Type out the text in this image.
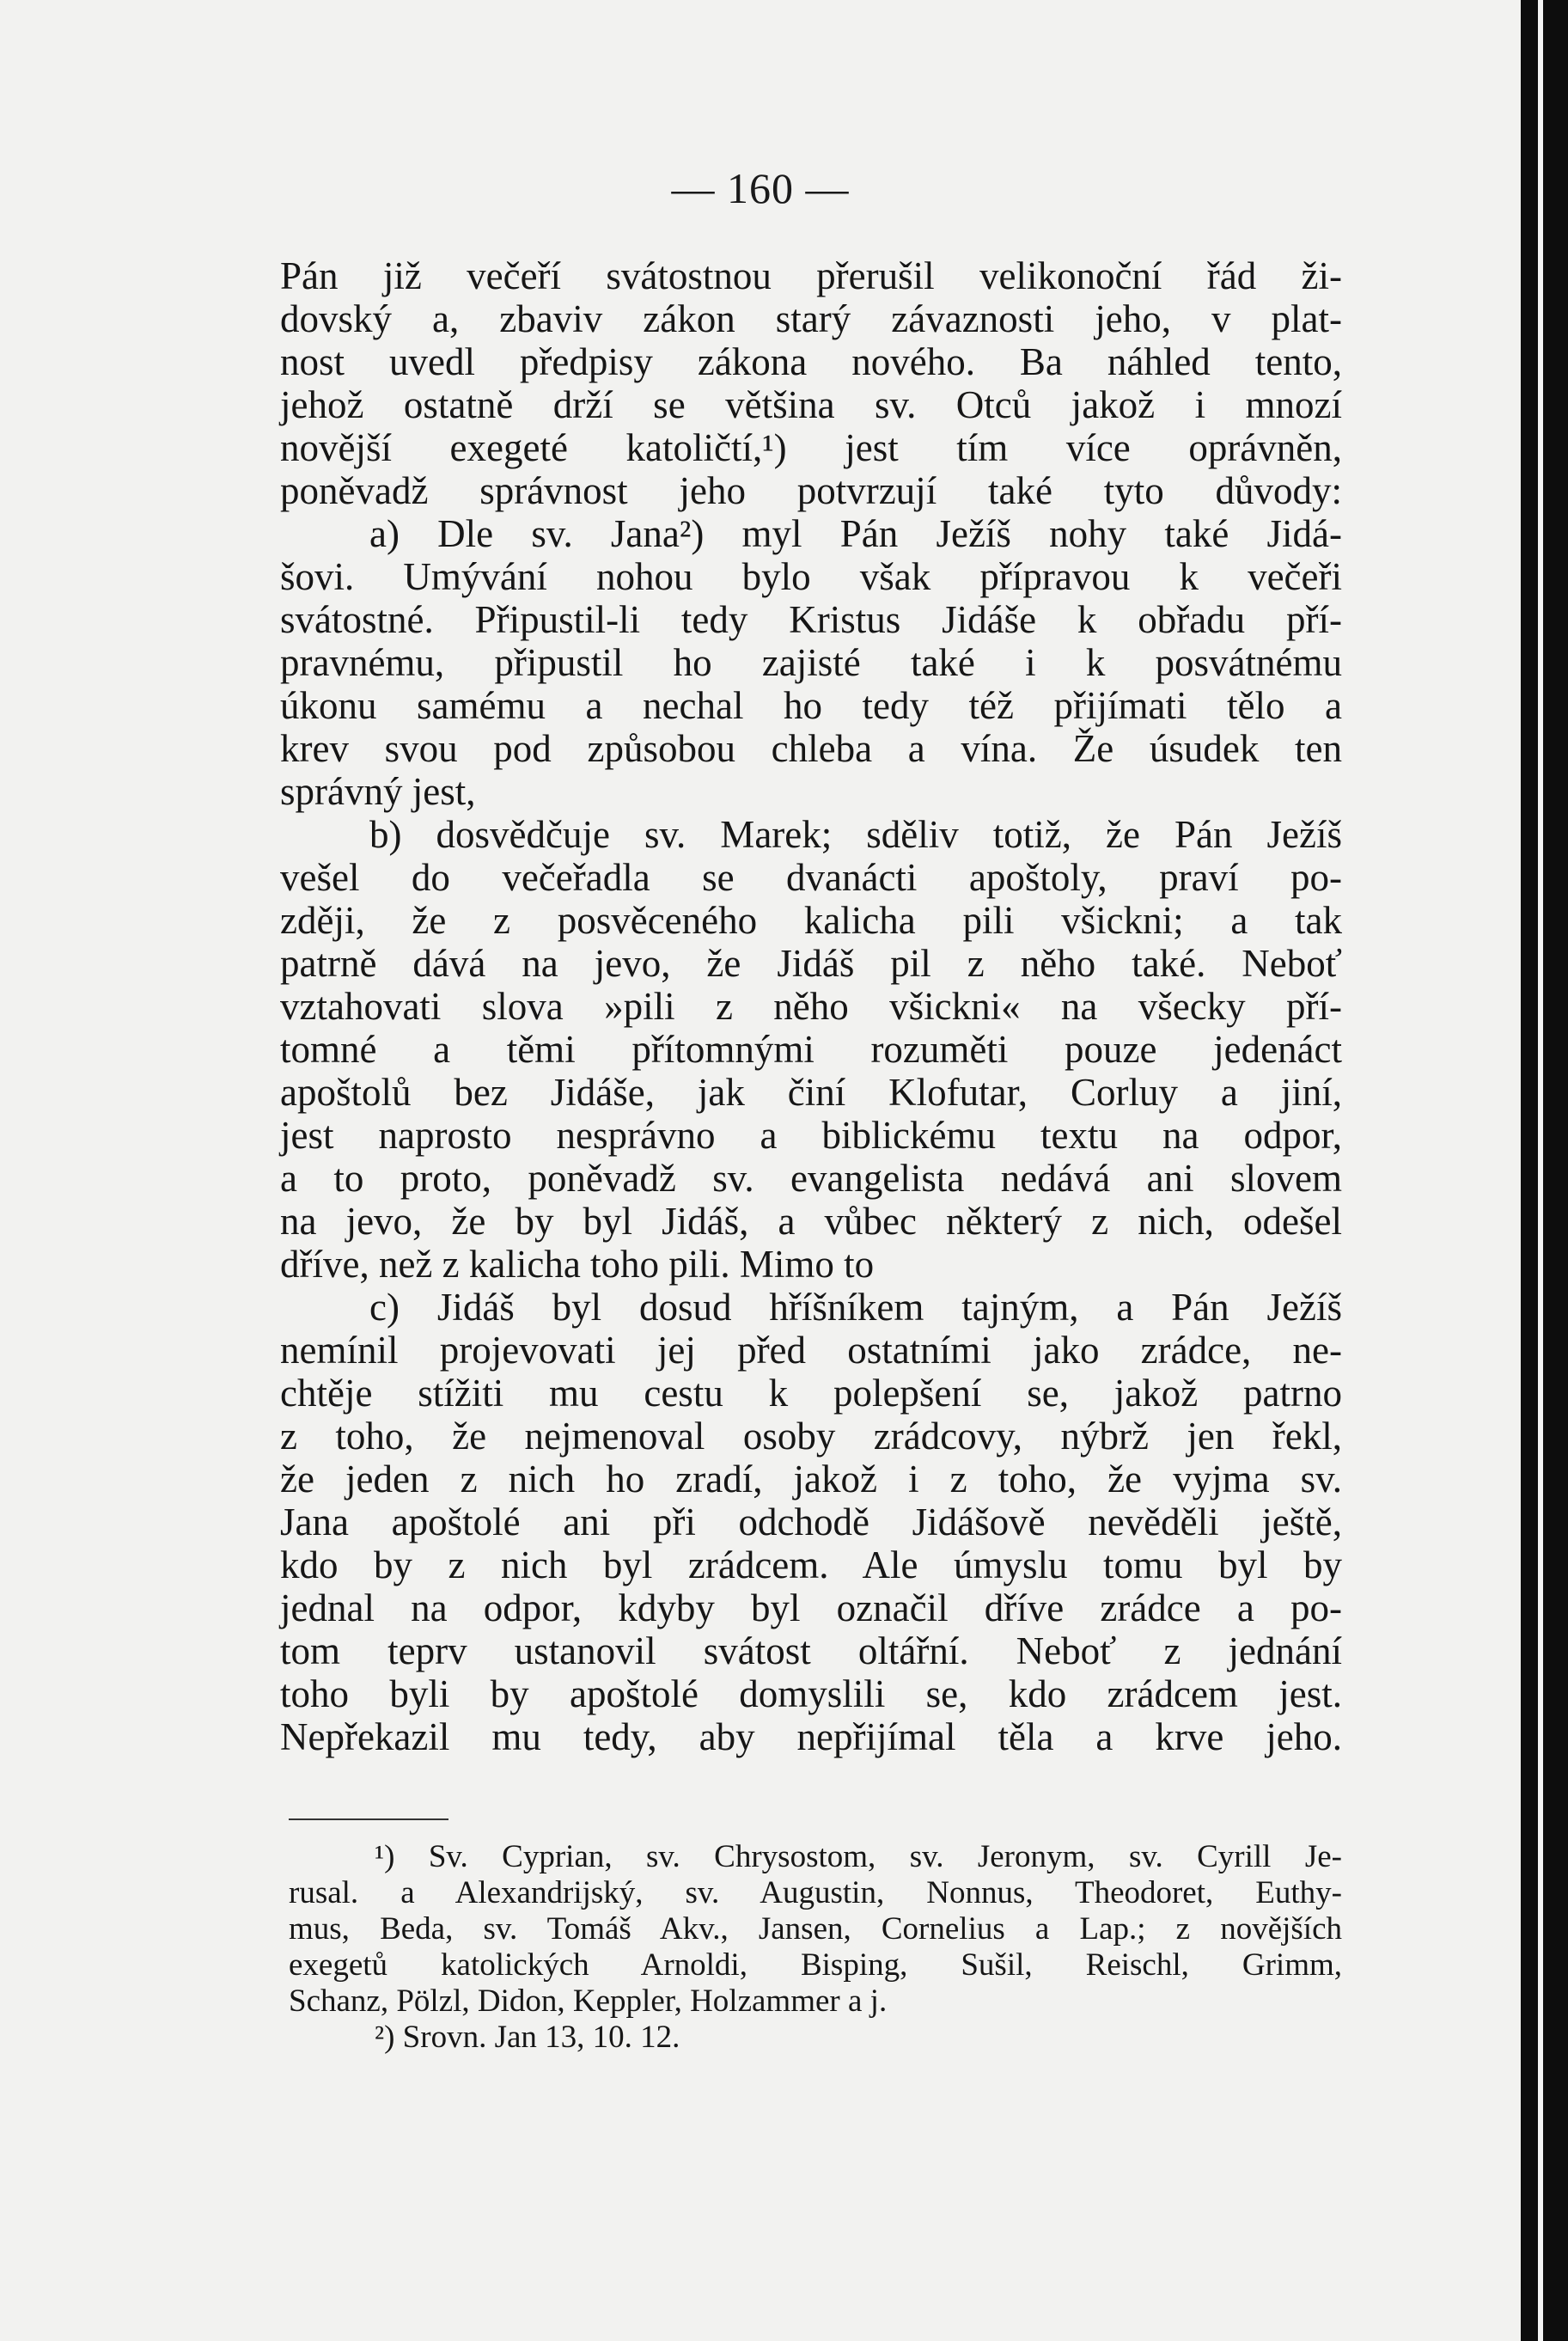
— 160 —
Pán již večeří svátostnou přerušil velikonoční řád ži-
dovský a, zbaviv zákon starý závaznosti jeho, v plat-
nost uvedl předpisy zákona nového. Ba náhled tento,
jehož ostatně drží se většina sv. Otců jakož i mnozí
novější exegeté katoličtí,¹) jest tím více oprávněn,
poněvadž správnost jeho potvrzují také tyto důvody:
a) Dle sv. Jana²) myl Pán Ježíš nohy také Jidá-
šovi. Umývání nohou bylo však přípravou k večeři
svátostné. Připustil-li tedy Kristus Jidáše k obřadu pří-
pravnému, připustil ho zajisté také i k posvátnému
úkonu samému a nechal ho tedy též přijímati tělo a
krev svou pod způsobou chleba a vína. Že úsudek ten
správný jest,
b) dosvědčuje sv. Marek; sděliv totiž, že Pán Ježíš
vešel do večeřadla se dvanácti apoštoly, praví po-
zději, že z posvěceného kalicha pili všickni; a tak
patrně dává na jevo, že Jidáš pil z něho také. Neboť
vztahovati slova »pili z něho všickni« na všecky pří-
tomné a těmi přítomnými rozuměti pouze jedenáct
apoštolů bez Jidáše, jak činí Klofutar, Corluy a jiní,
jest naprosto nesprávno a biblickému textu na odpor,
a to proto, poněvadž sv. evangelista nedává ani slovem
na jevo, že by byl Jidáš, a vůbec některý z nich, odešel
dříve, než z kalicha toho pili. Mimo to
c) Jidáš byl dosud hříšníkem tajným, a Pán Ježíš
nemínil projevovati jej před ostatními jako zrádce, ne-
chtěje stížiti mu cestu k polepšení se, jakož patrno
z toho, že nejmenoval osoby zrádcovy, nýbrž jen řekl,
že jeden z nich ho zradí, jakož i z toho, že vyjma sv.
Jana apoštolé ani při odchodě Jidášově nevěděli ještě,
kdo by z nich byl zrádcem. Ale úmyslu tomu byl by
jednal na odpor, kdyby byl označil dříve zrádce a po-
tom teprv ustanovil svátost oltářní. Neboť z jednání
toho byli by apoštolé domyslili se, kdo zrádcem jest.
Nepřekazil mu tedy, aby nepřijímal těla a krve jeho.
¹) Sv. Cyprian, sv. Chrysostom, sv. Jeronym, sv. Cyrill Je-
rusal. a Alexandrijský, sv. Augustin, Nonnus, Theodoret, Euthy-
mus, Beda, sv. Tomáš Akv., Jansen, Cornelius a Lap.; z novějších
exegetů katolických Arnoldi, Bisping, Sušil, Reischl, Grimm,
Schanz, Pölzl, Didon, Keppler, Holzammer a j.
²) Srovn. Jan 13, 10. 12.
